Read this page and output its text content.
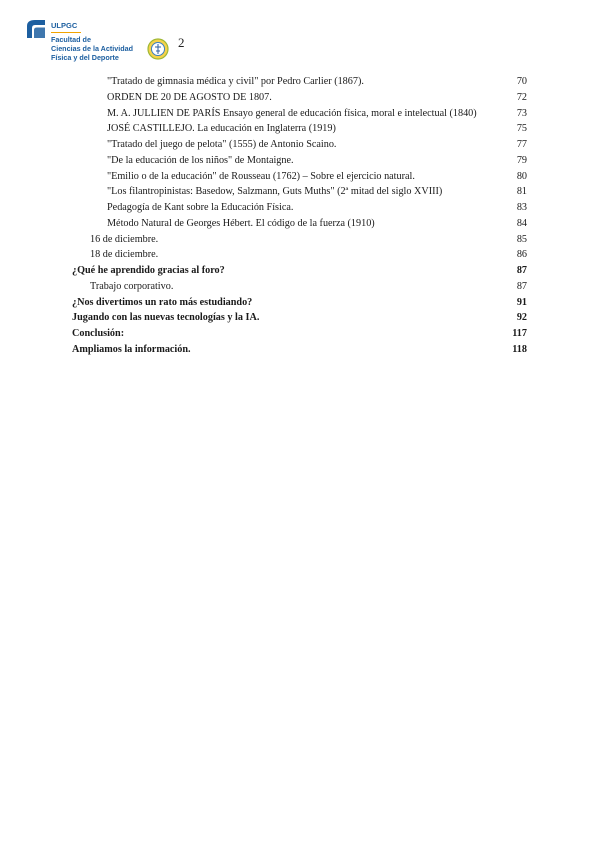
ULPGC
Facultad de
Ciencias de la Actividad
Física y del Deporte
2
"Tratado de gimnasia médica y civil" por Pedro Carlier (1867).	70
ORDEN DE 20 DE AGOSTO DE 1807.	72
M. A. JULLIEN DE PARÍS Ensayo general de educación física, moral e intelectual (1840)	73
JOSÉ CASTILLEJO. La educación en Inglaterra (1919)	75
"Tratado del juego de pelota" (1555) de Antonio Scaino.	77
"De la educación de los niños" de Montaigne.	79
"Emilio o de la educación" de Rousseau (1762) – Sobre el ejercicio natural.	80
"Los filantropinistas: Basedow, Salzmann, Guts Muths" (2ª mitad del siglo XVIII)	81
Pedagogía de Kant sobre la Educación Física.	83
Método Natural de Georges Hébert. El código de la fuerza (1910)	84
16 de diciembre.	85
18 de diciembre.	86
¿Qué he aprendido gracias al foro?	87
Trabajo corporativo.	87
¿Nos divertimos un rato más estudiando?	91
Jugando con las nuevas tecnologías y la IA.	92
Conclusión:	117
Ampliamos la información.	118
